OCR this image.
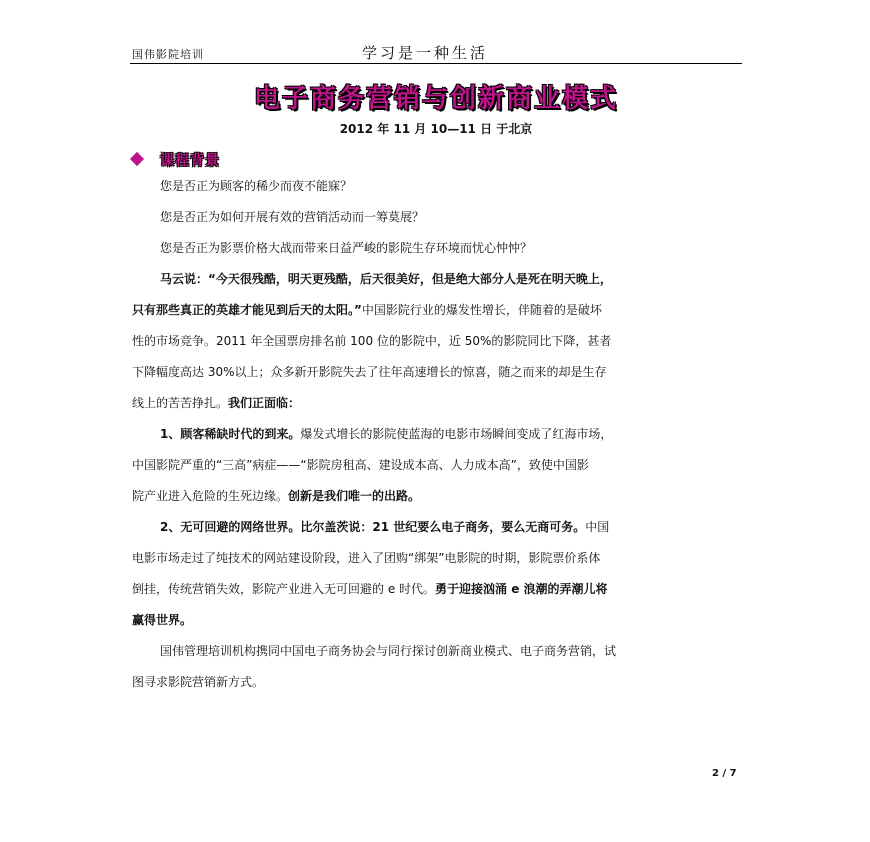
国伟影院培训	学习是一种生活
电子商务营销与创新商业模式
2012 年 11 月 10—11 日 于北京
课程背景
您是否正为顾客的稀少而夜不能寐？
您是否正为如何开展有效的营销活动而一筹莫展？
您是否正为影票价格大战而带来日益严峻的影院生存环境而忧心忡忡？
马云说：“今天很残酷，明天更残酷，后天很美好，但是绝大部分人是死在明天晚上，
只有那些真正的英雄才能见到后天的太阳。”中国影院行业的爆发性增长，伴随着的是破坏
性的市场竞争。2011 年全国票房排名前 100 位的影院中，近 50%的影院同比下降，甚者
下降幅度高达 30%以上；众多新开影院失去了往年高速增长的惊喜，随之而来的却是生存
线上的苦苦挣扎。我们正面临：
1、顾客稀缺时代的到来。爆发式增长的影院使蓝海的电影市场瞬间变成了红海市场，
中国影院严重的“三高”病症——“影院房租高、建设成本高、人力成本高”，致使中国影
院产业进入危险的生死边缘。创新是我们唯一的出路。
2、无可回避的网络世界。比尔盖茨说：21 世纪要么电子商务，要么无商可务。中国
电影市场走过了纯技术的网站建设阶段，进入了团购“绑架”电影院的时期，影院票价系体
倒挂，传统营销失效，影院产业进入无可回避的 e 时代。勇于迎接汹涌 e 浪潮的弄潮儿将
赢得世界。
国伟管理培训机构携同中国电子商务协会与同行探讨创新商业模式、电子商务营销，试
图寻求影院营销新方式。
2 / 7
